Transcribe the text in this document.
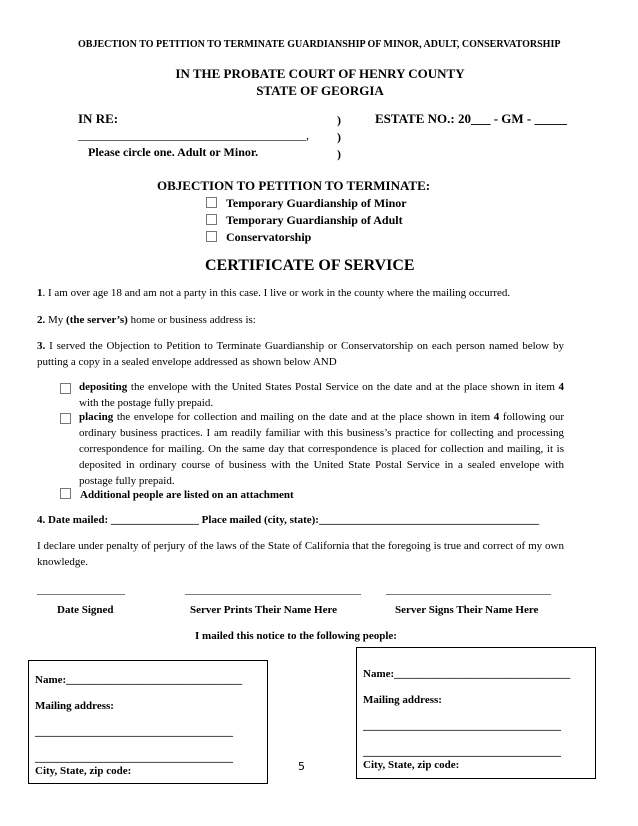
OBJECTION TO PETITION TO TERMINATE GUARDIANSHIP OF MINOR, ADULT, CONSERVATORSHIP
IN THE PROBATE COURT OF HENRY COUNTY
STATE OF GEORGIA
IN RE:
______________________________________,
Please circle one. Adult or Minor.
)
)
)
ESTATE NO.: 20___ - GM - _____
OBJECTION TO PETITION TO TERMINATE:
Temporary Guardianship of Minor
Temporary Guardianship of Adult
Conservatorship
CERTIFICATE OF SERVICE
1. I am over age 18 and am not a party in this case. I live or work in the county where the mailing occurred.
2. My (the server’s) home or business address is:
3. I served the Objection to Petition to Terminate Guardianship or Conservatorship on each person named below by putting a copy in a sealed envelope addressed as shown below AND
depositing the envelope with the United States Postal Service on the date and at the place shown in item 4 with the postage fully prepaid.
placing the envelope for collection and mailing on the date and at the place shown in item 4 following our ordinary business practices. I am readily familiar with this business’s practice for collecting and processing correspondence for mailing. On the same day that correspondence is placed for collection and mailing, it is deposited in ordinary course of business with the United State Postal Service in a sealed envelope with postage fully prepaid.
Additional people are listed on an attachment
4. Date mailed: ________________ Place mailed (city, state):________________________________________
I declare under penalty of perjury of the laws of the State of California that the foregoing is true and correct of my own knowledge.
________________	________________________________ ______________________________
Date Signed	Server Prints Their Name Here	Server Signs Their Name Here
I mailed this notice to the following people:
Name:________________________________
Mailing address:
____________________________________
____________________________________
City, State, zip code:	5
Name:________________________________
Mailing address:
____________________________________
____________________________________
City, State, zip code:
